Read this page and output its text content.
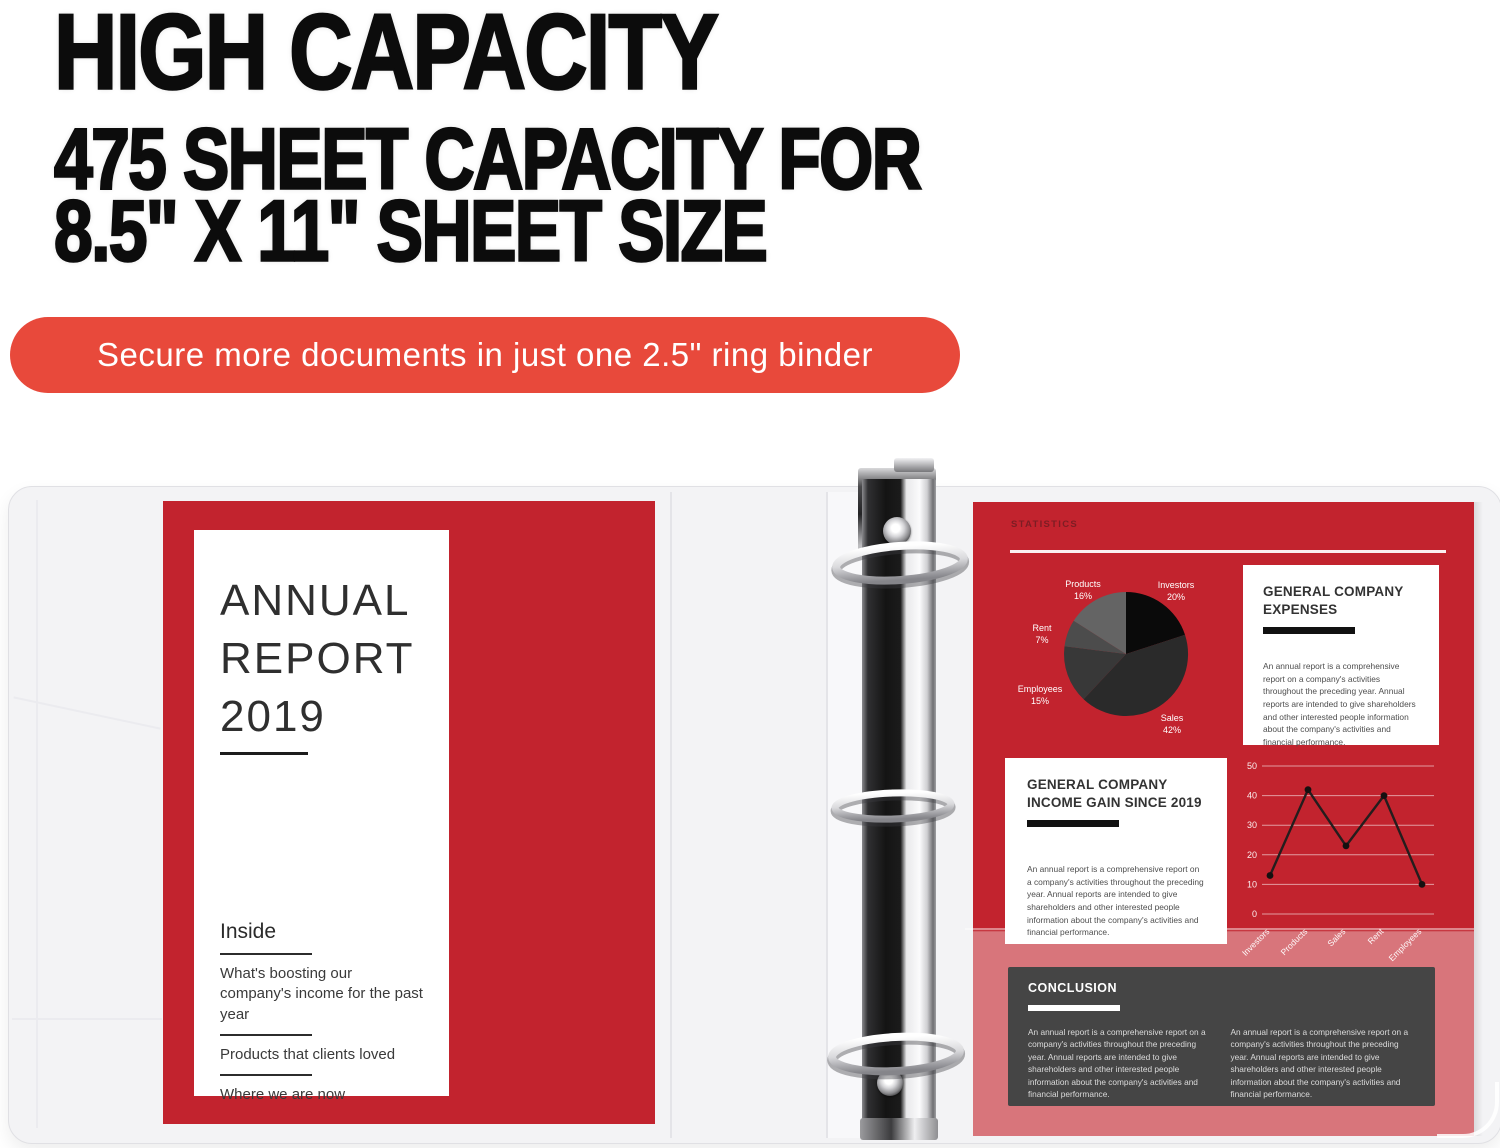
HIGH CAPACITY
475 SHEET CAPACITY FOR
8.5" X 11" SHEET SIZE
Secure more documents in just one 2.5" ring binder
ANNUAL
REPORT
2019
Inside
What's boosting our company's income for the past year
Products that clients loved
Where we are now
STATISTICS
Products
16%
Investors
20%
Rent
7%
Employees
15%
Sales
42%
GENERAL COMPANY EXPENSES
An annual report is a comprehensive report on a company's activities throughout the preceding year. Annual reports are intended to give shareholders and other interested people information about the company's activities and financial performance.
GENERAL COMPANY INCOME GAIN SINCE 2019
An annual report is a comprehensive report on a company's activities throughout the preceding year. Annual reports are intended to give shareholders and other interested people information about the company's activities and financial performance.
0
10
20
30
40
50
Investors Products Sales Rent Employees
CONCLUSION

An annual report is a comprehensive report on a company's activities throughout the preceding year. Annual reports are intended to give shareholders and other interested people information about the company's activities and financial performance.

An annual report is a comprehensive report on a company's activities throughout the preceding year. Annual reports are intended to give shareholders and other interested people information about the company's activities and financial performance.
